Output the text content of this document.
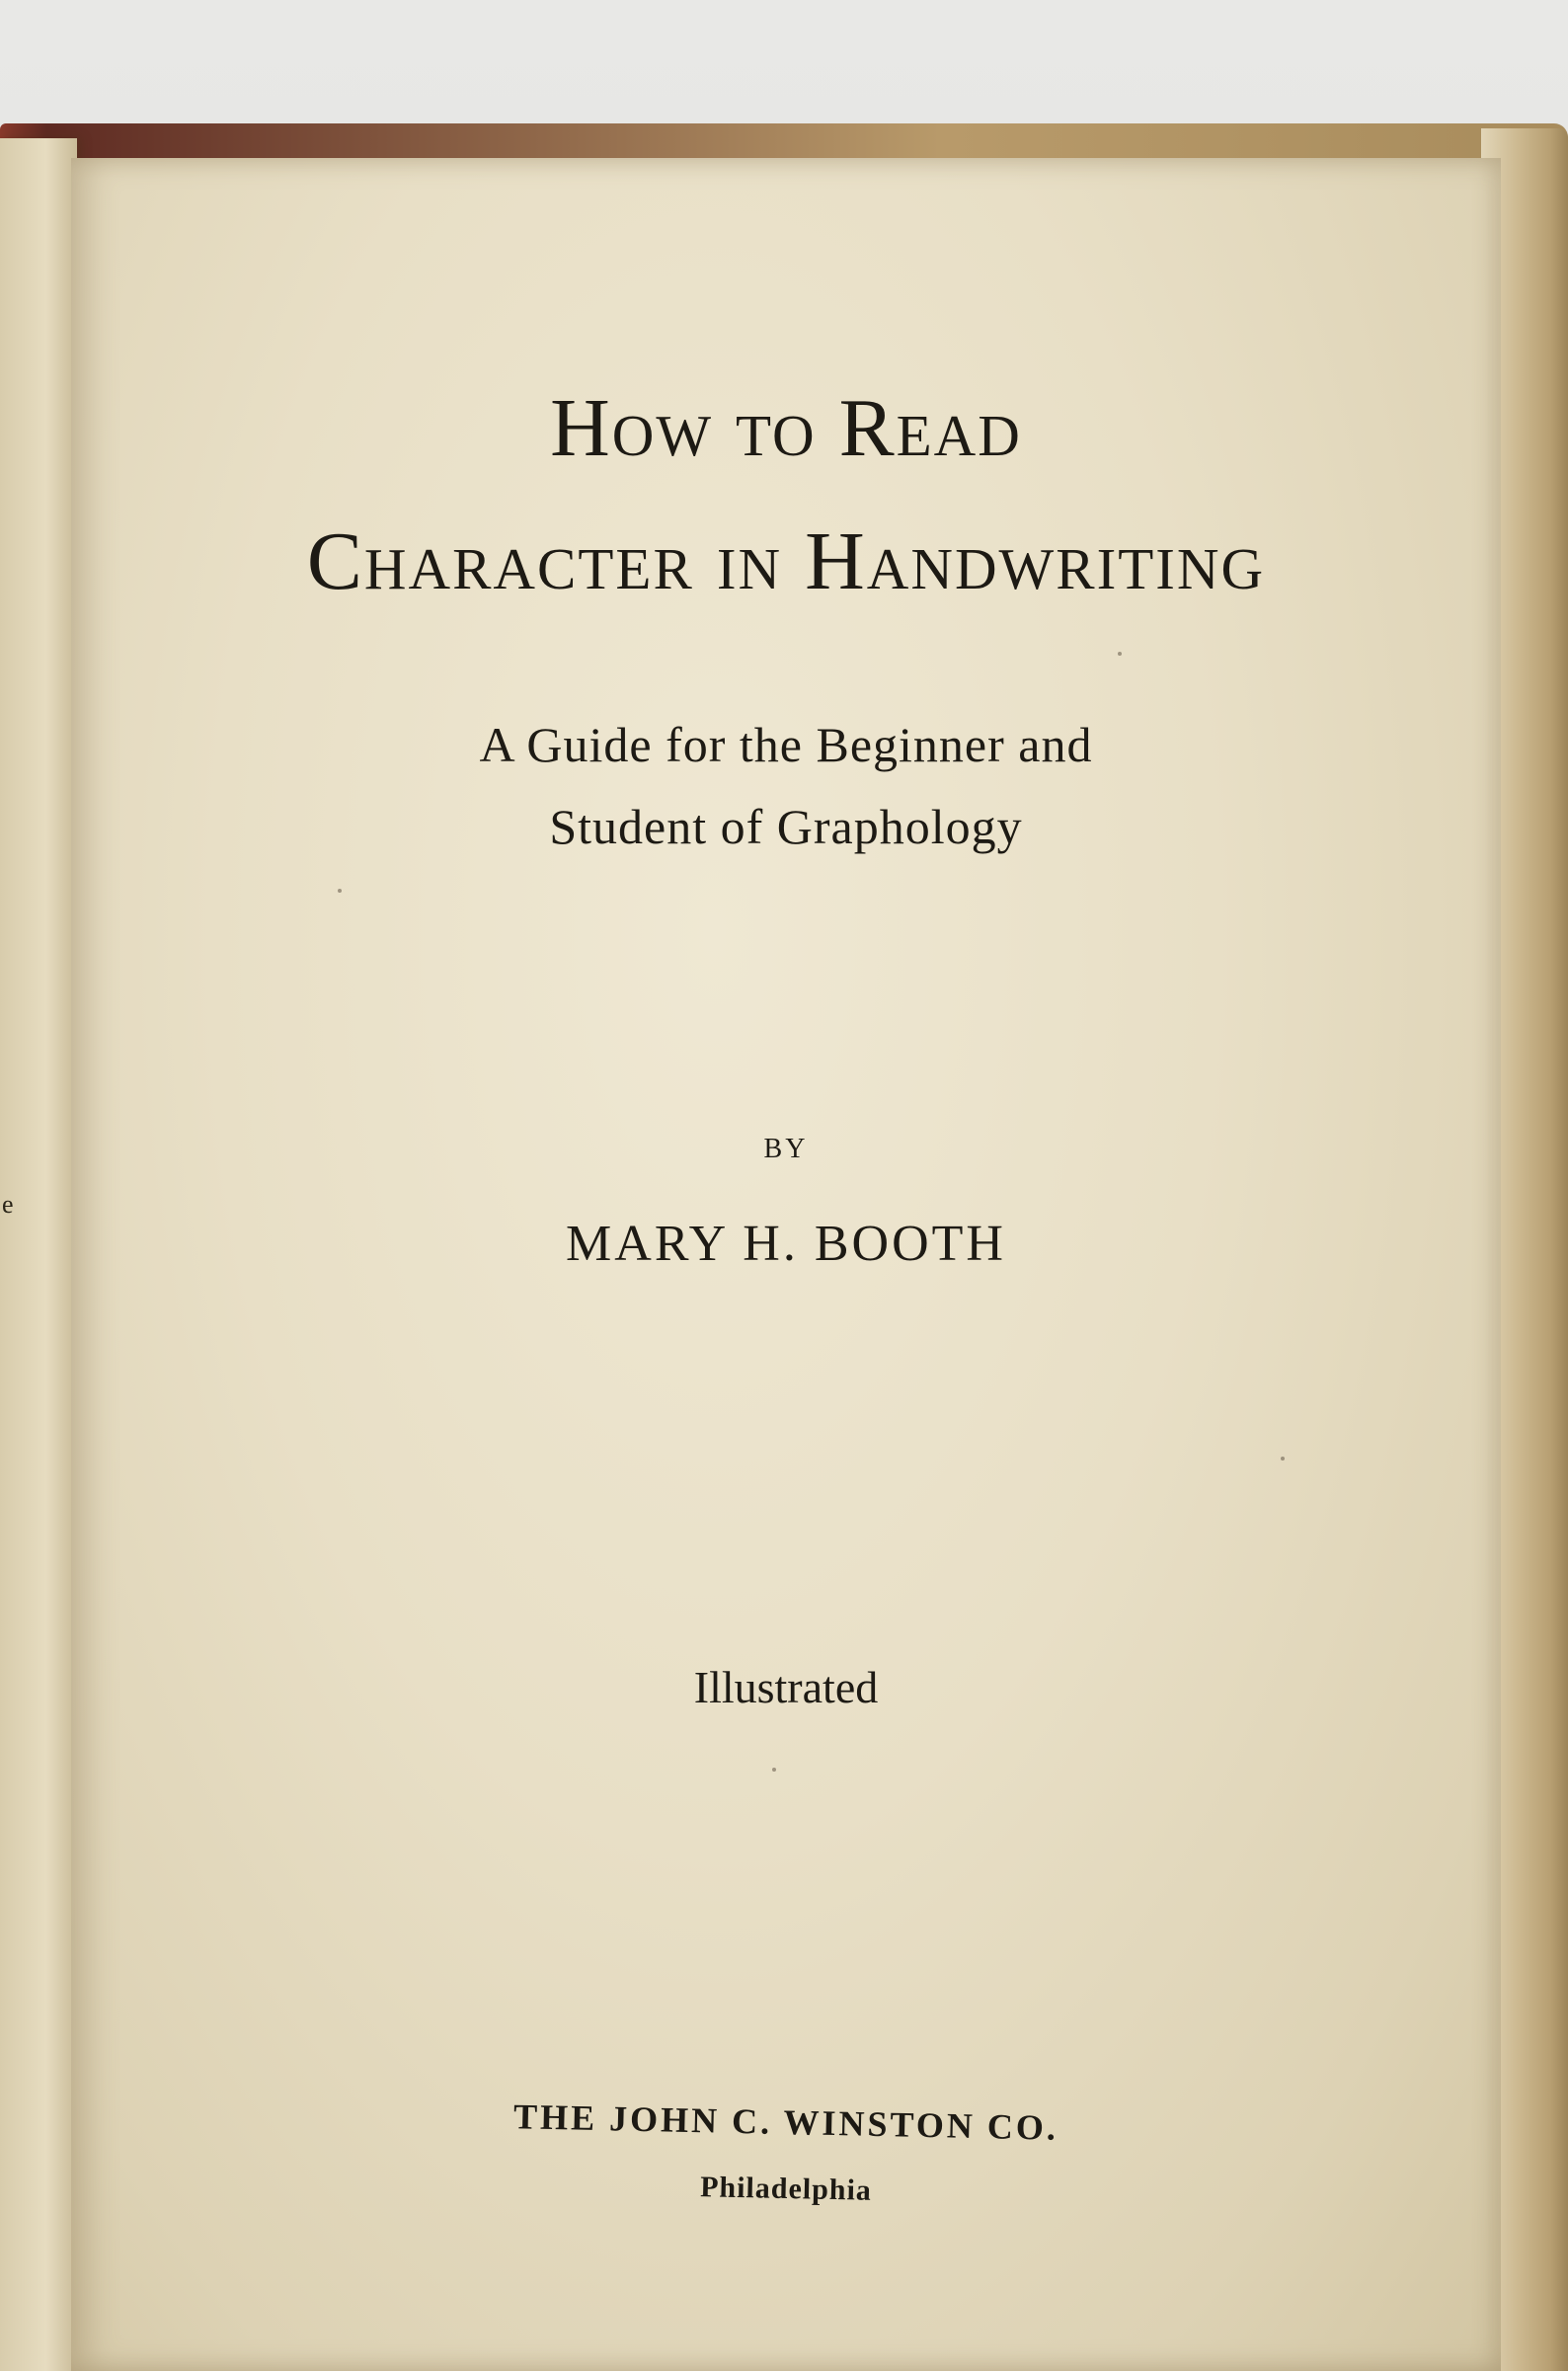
e
How to Read
Character in Handwriting
A Guide for the Beginner and
Student of Graphology
BY
MARY H. BOOTH
Illustrated
THE JOHN C. WINSTON CO.
Philadelphia
